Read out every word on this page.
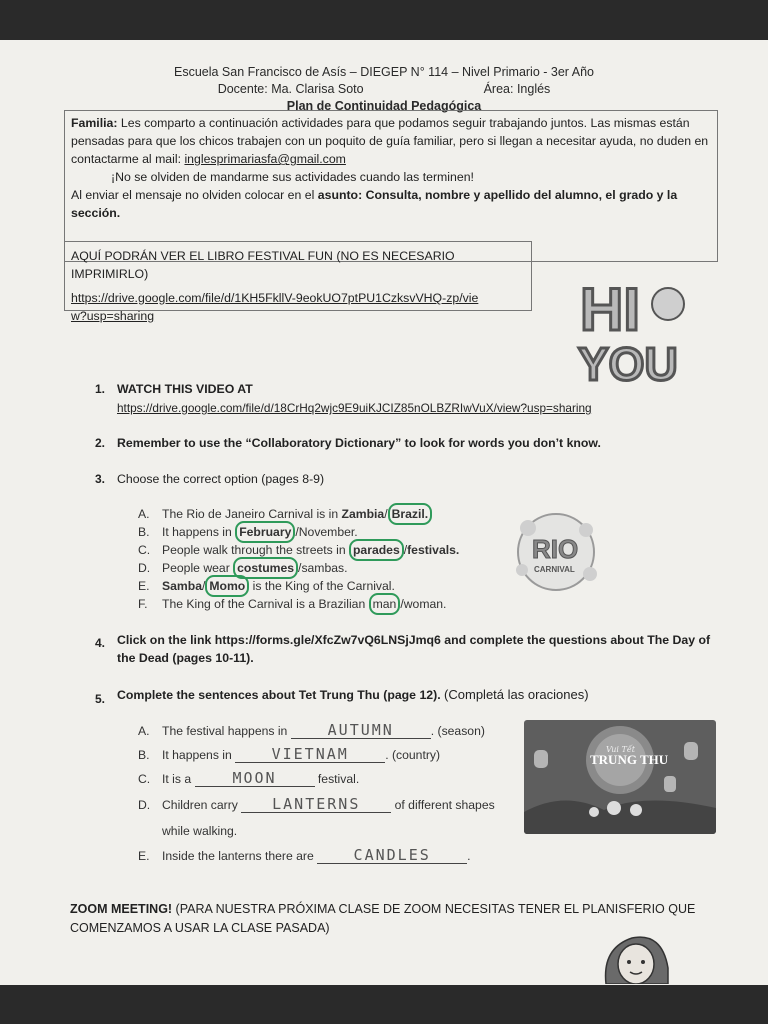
Escuela San Francisco de Asís – DIEGEP N° 114 – Nivel Primario - 3er Año
Docente: Ma. Clarisa Soto	Área: Inglés
Plan de Continuidad Pedagógica
Familia: Les comparto a continuación actividades para que podamos seguir trabajando juntos. Las mismas están pensadas para que los chicos trabajen con un poquito de guía familiar, pero si llegan a necesitar ayuda, no duden en contactarme al mail: inglesprimariasfa@gmail.com
¡No se olviden de mandarme sus actividades cuando las terminen!
Al enviar el mensaje no olviden colocar en el asunto: Consulta, nombre y apellido del alumno, el grado y la sección.
AQUÍ PODRÁN VER EL LIBRO FESTIVAL FUN (NO ES NECESARIO IMPRIMIRLO)
https://drive.google.com/file/d/1KH5FkllV-9eokUO7ptPU1CzksvVHQ-zp/view?usp=sharing	HI
YOU
1. WATCH THIS VIDEO AT
https://drive.google.com/file/d/18CrHq2wjc9E9uiKJCIZ85nOLBZRIwVuX/view?usp=sharing
2. Remember to use the “Collaboratory Dictionary” to look for words you don’t know.
3. Choose the correct option (pages 8-9)
A. The Rio de Janeiro Carnival is in Zambia/ Brazil.
B. It happens in February /November.
C. People walk through the streets in parades /festivals.
D. People wear costumes /sambas.
E. Samba/ Momo is the King of the Carnival.
F. The King of the Carnival is a Brazilian man /woman.
RIO
CARNIVAL
4. Click on the link https://forms.gle/XfcZw7vQ6LNSjJmq6 and complete the questions about The Day of the Dead (pages 10-11).
5. Complete the sentences about Tet Trung Thu (page 12). (Completá las oraciones)
A. The festival happens in AUTUMN	. (season)
B. It happens in VIETNAM	. (country)
C. It is a	MOON	festival.
D. Children carry LANTERNS	of different shapes
while walking.
E. Inside the lanterns there are CANDLES	.
Vui Tết
TRUNG THU
ZOOM MEETING! (PARA NUESTRA PRÓXIMA CLASE DE ZOOM NECESITAS TENER EL PLANISFERIO QUE COMENZAMOS A USAR LA CLASE PASADA)
